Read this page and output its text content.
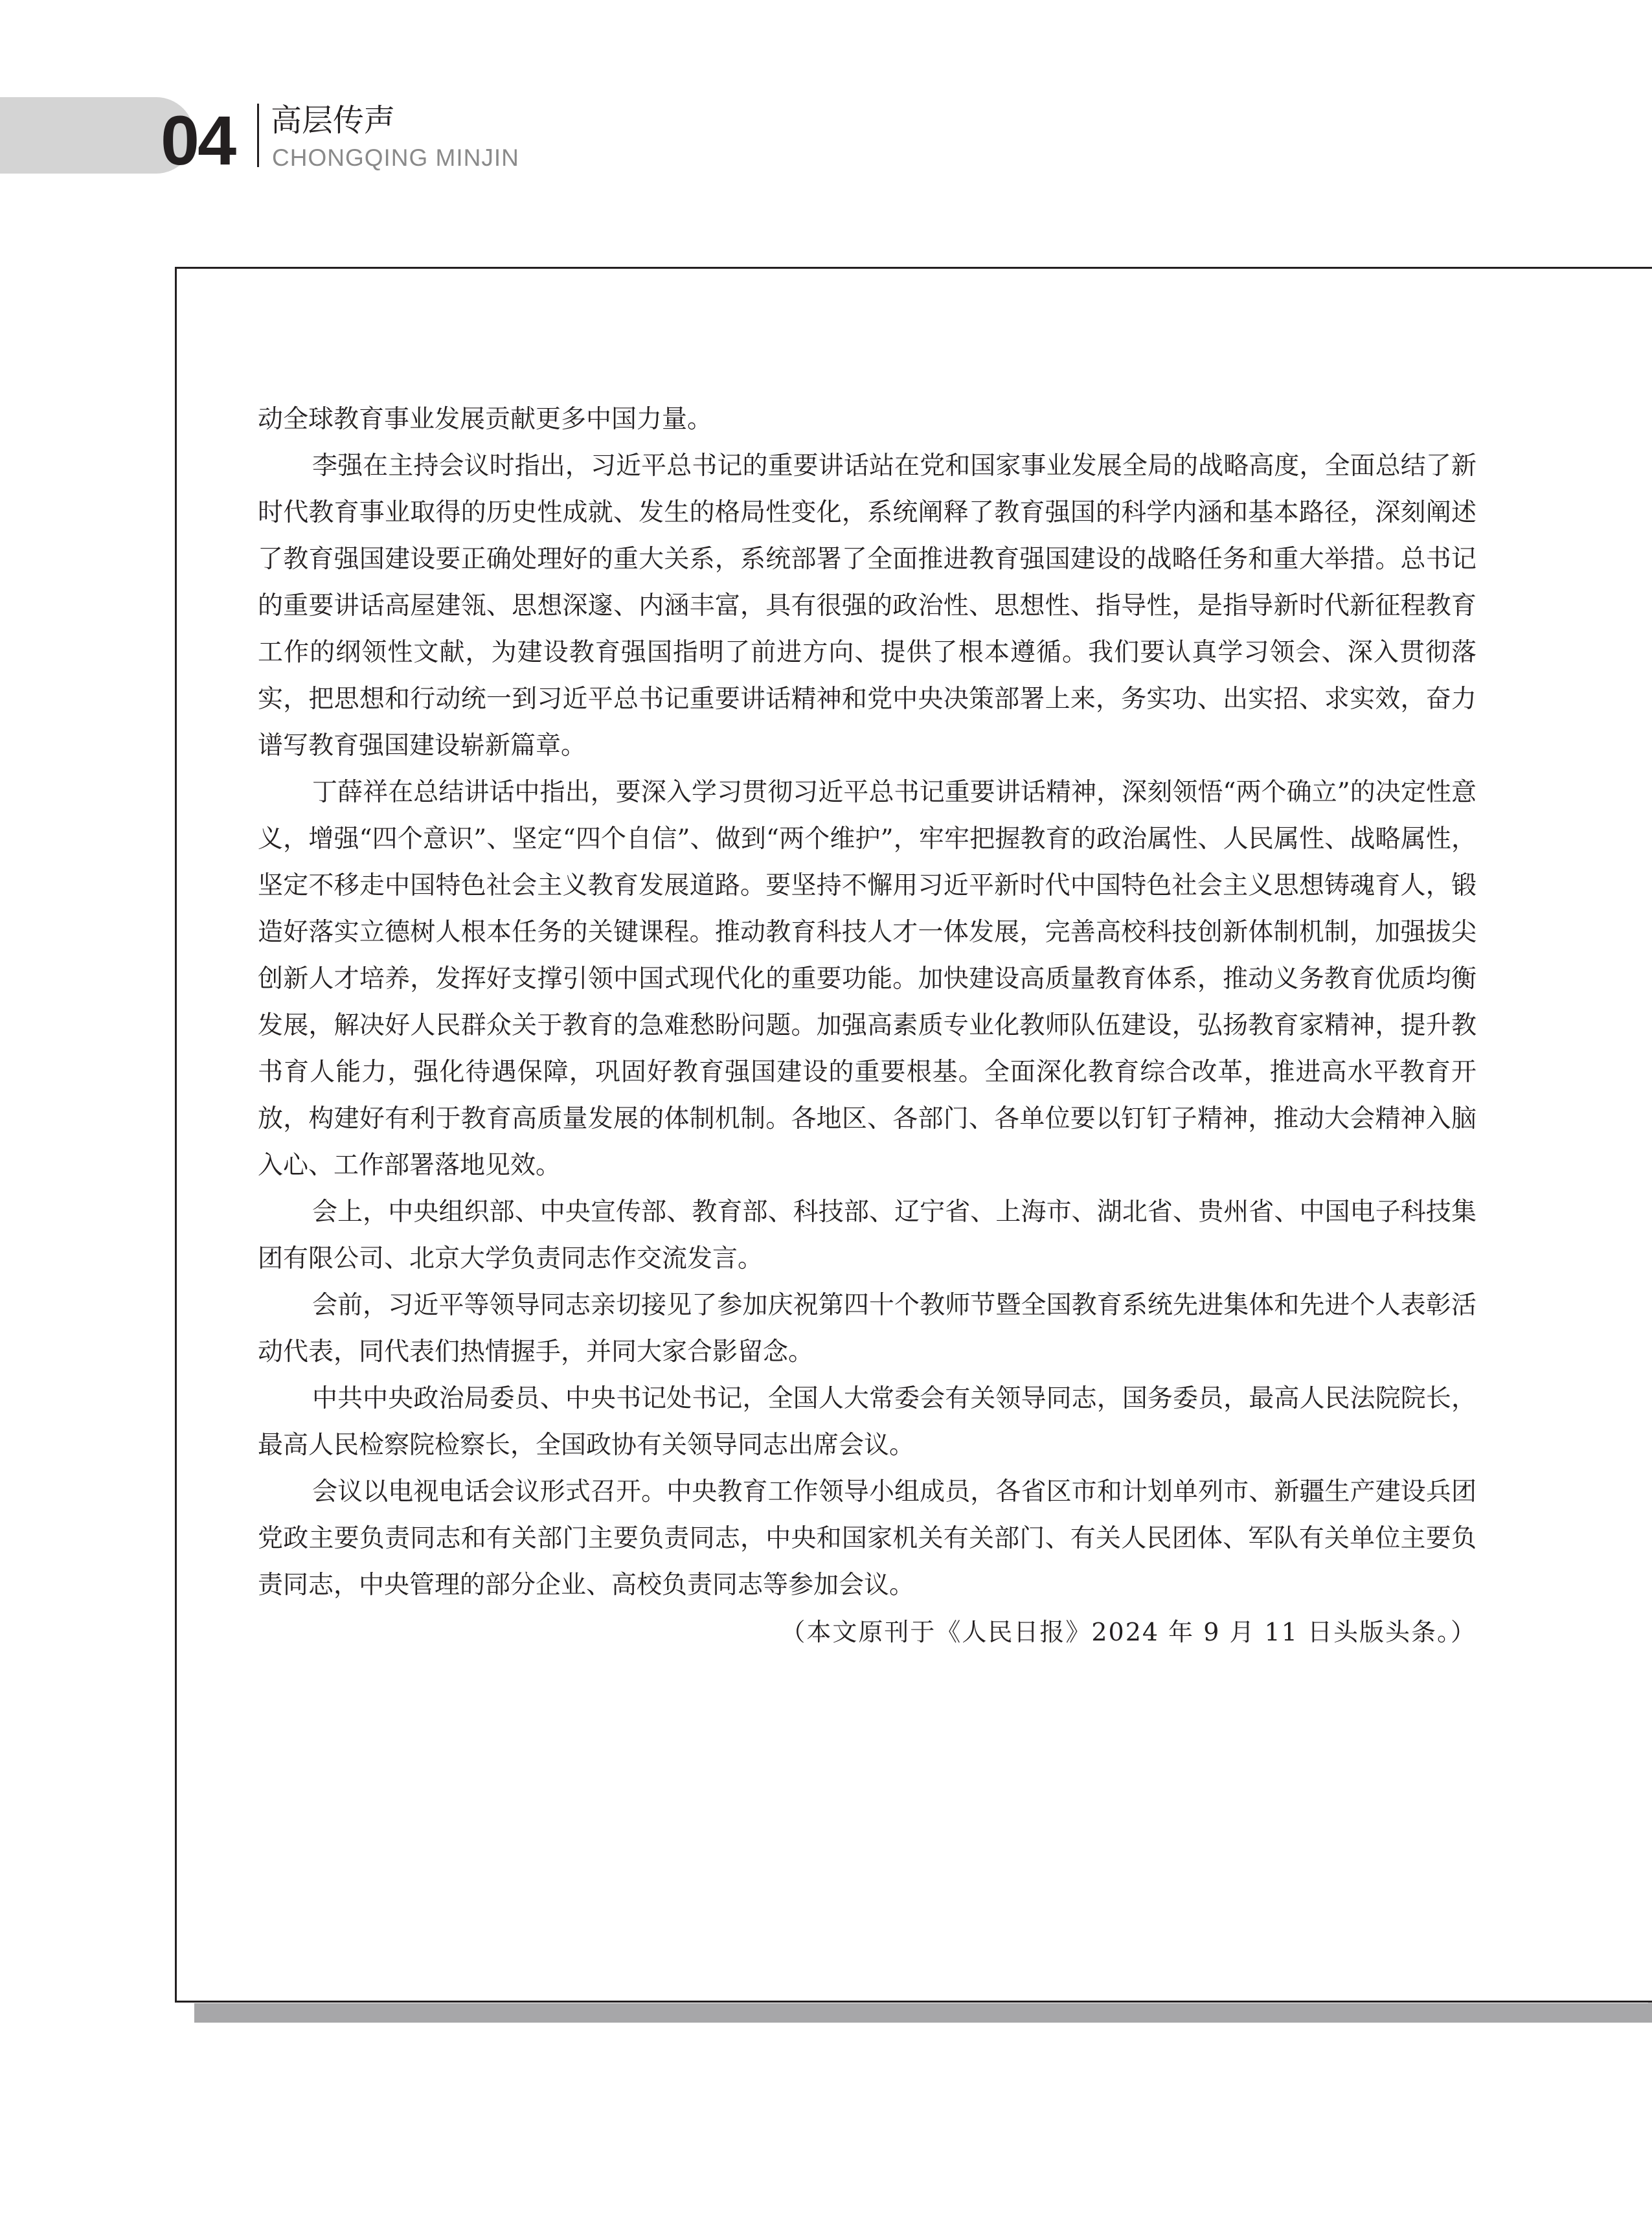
04 高层传声
CHONGQING MINJIN

动全球教育事业发展贡献更多中国力量。

李强在主持会议时指出，习近平总书记的重要讲话站在党和国家事业发展全局的战略高度，全面总结了新时代教育事业取得的历史性成就、发生的格局性变化，系统阐释了教育强国的科学内涵和基本路径，深刻阐述了教育强国建设要正确处理好的重大关系，系统部署了全面推进教育强国建设的战略任务和重大举措。总书记的重要讲话高屋建瓴、思想深邃、内涵丰富，具有很强的政治性、思想性、指导性，是指导新时代新征程教育工作的纲领性文献，为建设教育强国指明了前进方向、提供了根本遵循。我们要认真学习领会、深入贯彻落实，把思想和行动统一到习近平总书记重要讲话精神和党中央决策部署上来，务实功、出实招、求实效，奋力谱写教育强国建设崭新篇章。

丁薛祥在总结讲话中指出，要深入学习贯彻习近平总书记重要讲话精神，深刻领悟“两个确立”的决定性意义，增强“四个意识”、坚定“四个自信”、做到“两个维护”，牢牢把握教育的政治属性、人民属性、战略属性，坚定不移走中国特色社会主义教育发展道路。要坚持不懈用习近平新时代中国特色社会主义思想铸魂育人，锻造好落实立德树人根本任务的关键课程。推动教育科技人才一体发展，完善高校科技创新体制机制，加强拔尖创新人才培养，发挥好支撑引领中国式现代化的重要功能。加快建设高质量教育体系，推动义务教育优质均衡发展，解决好人民群众关于教育的急难愁盼问题。加强高素质专业化教师队伍建设，弘扬教育家精神，提升教书育人能力，强化待遇保障，巩固好教育强国建设的重要根基。全面深化教育综合改革，推进高水平教育开放，构建好有利于教育高质量发展的体制机制。各地区、各部门、各单位要以钉钉子精神，推动大会精神入脑入心、工作部署落地见效。

会上，中央组织部、中央宣传部、教育部、科技部、辽宁省、上海市、湖北省、贵州省、中国电子科技集团有限公司、北京大学负责同志作交流发言。

会前，习近平等领导同志亲切接见了参加庆祝第四十个教师节暨全国教育系统先进集体和先进个人表彰活动代表，同代表们热情握手，并同大家合影留念。

中共中央政治局委员、中央书记处书记，全国人大常委会有关领导同志，国务委员，最高人民法院院长，最高人民检察院检察长，全国政协有关领导同志出席会议。

会议以电视电话会议形式召开。中央教育工作领导小组成员，各省区市和计划单列市、新疆生产建设兵团党政主要负责同志和有关部门主要负责同志，中央和国家机关有关部门、有关人民团体、军队有关单位主要负责同志，中央管理的部分企业、高校负责同志等参加会议。

（本文原刊于《人民日报》2024 年 9 月 11 日头版头条。）
